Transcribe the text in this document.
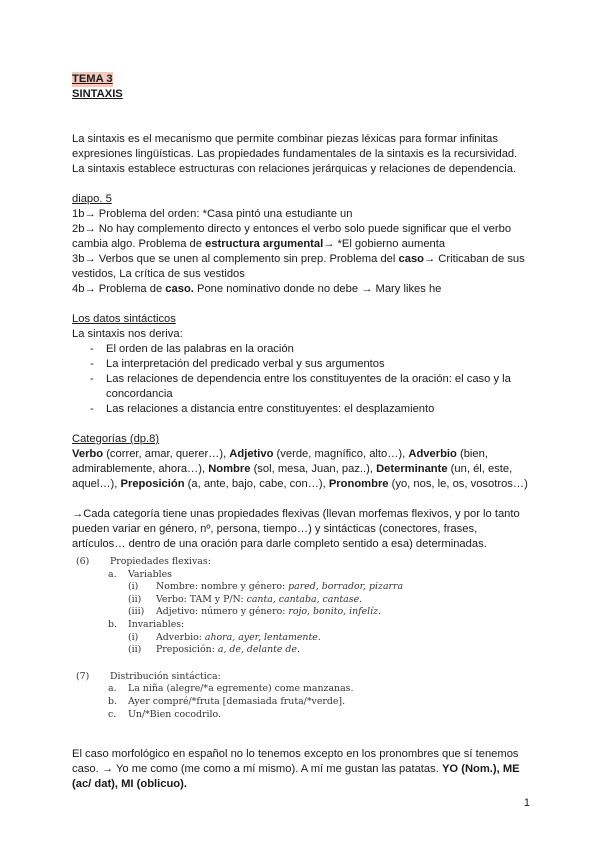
TEMA 3
SINTAXIS

La sintaxis es el mecanismo que permite combinar piezas léxicas para formar infinitas

expresiones lingüísticas. Las propiedades fundamentales de la sintaxis es la recursividad.

La sintaxis establece estructuras con relaciones jerárquicas y relaciones de dependencia.

diapo. 5

1b→ Problema del orden: *Casa pintó una estudiante un

2b→ No hay complemento directo y entonces el verbo solo puede significar que el verbo

cambia algo. Problema de estructura argumental→ *El gobierno aumenta

3b→ Verbos que se unen al complemento sin prep. Problema del caso→ Criticaban de sus

vestidos, La crítica de sus vestidos

4b→ Problema de caso. Pone nominativo donde no debe → Mary likes he

Los datos sintácticos

La sintaxis nos deriva:

- El orden de las palabras en la oración
- La interpretación del predicado verbal y sus argumentos
- Las relaciones de dependencia entre los constituyentes de la oración: el caso y la concordancia
- Las relaciones a distancia entre constituyentes: el desplazamiento

Categorías (dp.8)

Verbo (correr, amar, querer…), Adjetivo (verde, magnífico, alto…), Adverbio (bien,

admirablemente, ahora…), Nombre (sol, mesa, Juan, paz..), Determinante (un, él, este,

aquel…), Preposición (a, ante, bajo, cabe, con…), Pronombre (yo, nos, le, os, vosotros…)

→Cada categoría tiene unas propiedades flexivas (llevan morfemas flexivos, y por lo tanto

pueden variar en género, nº, persona, tiempo…) y sintácticas (conectores, frases,

artículos… dentro de una oración para darle completo sentido a esa) determinadas.

(6) Propiedades flexivas:
a. Variables
(i) Nombre: nombre y género: pared, borrador, pizarra
(ii) Verbo: TAM y P/N: canta, cantaba, cantase.
(iii) Adjetivo: número y género: rojo, bonito, infelíz.
b. Invariables:
(i) Adverbio: ahora, ayer, lentamente.
(ii) Preposición: a, de, delante de.
(7) Distribución sintáctica:
a. La niña (alegre/*a egremente) come manzanas.
b. Ayer compré/*fruta [demasiada fruta/*verde].
c. Un/*Bien cocodrilo.

El caso morfológico en español no lo tenemos excepto en los pronombres que sí tenemos

caso. → Yo me como (me como a mí mismo). A mí me gustan las patatas. YO (Nom.), ME

(ac/ dat), MI (oblicuo).

1
